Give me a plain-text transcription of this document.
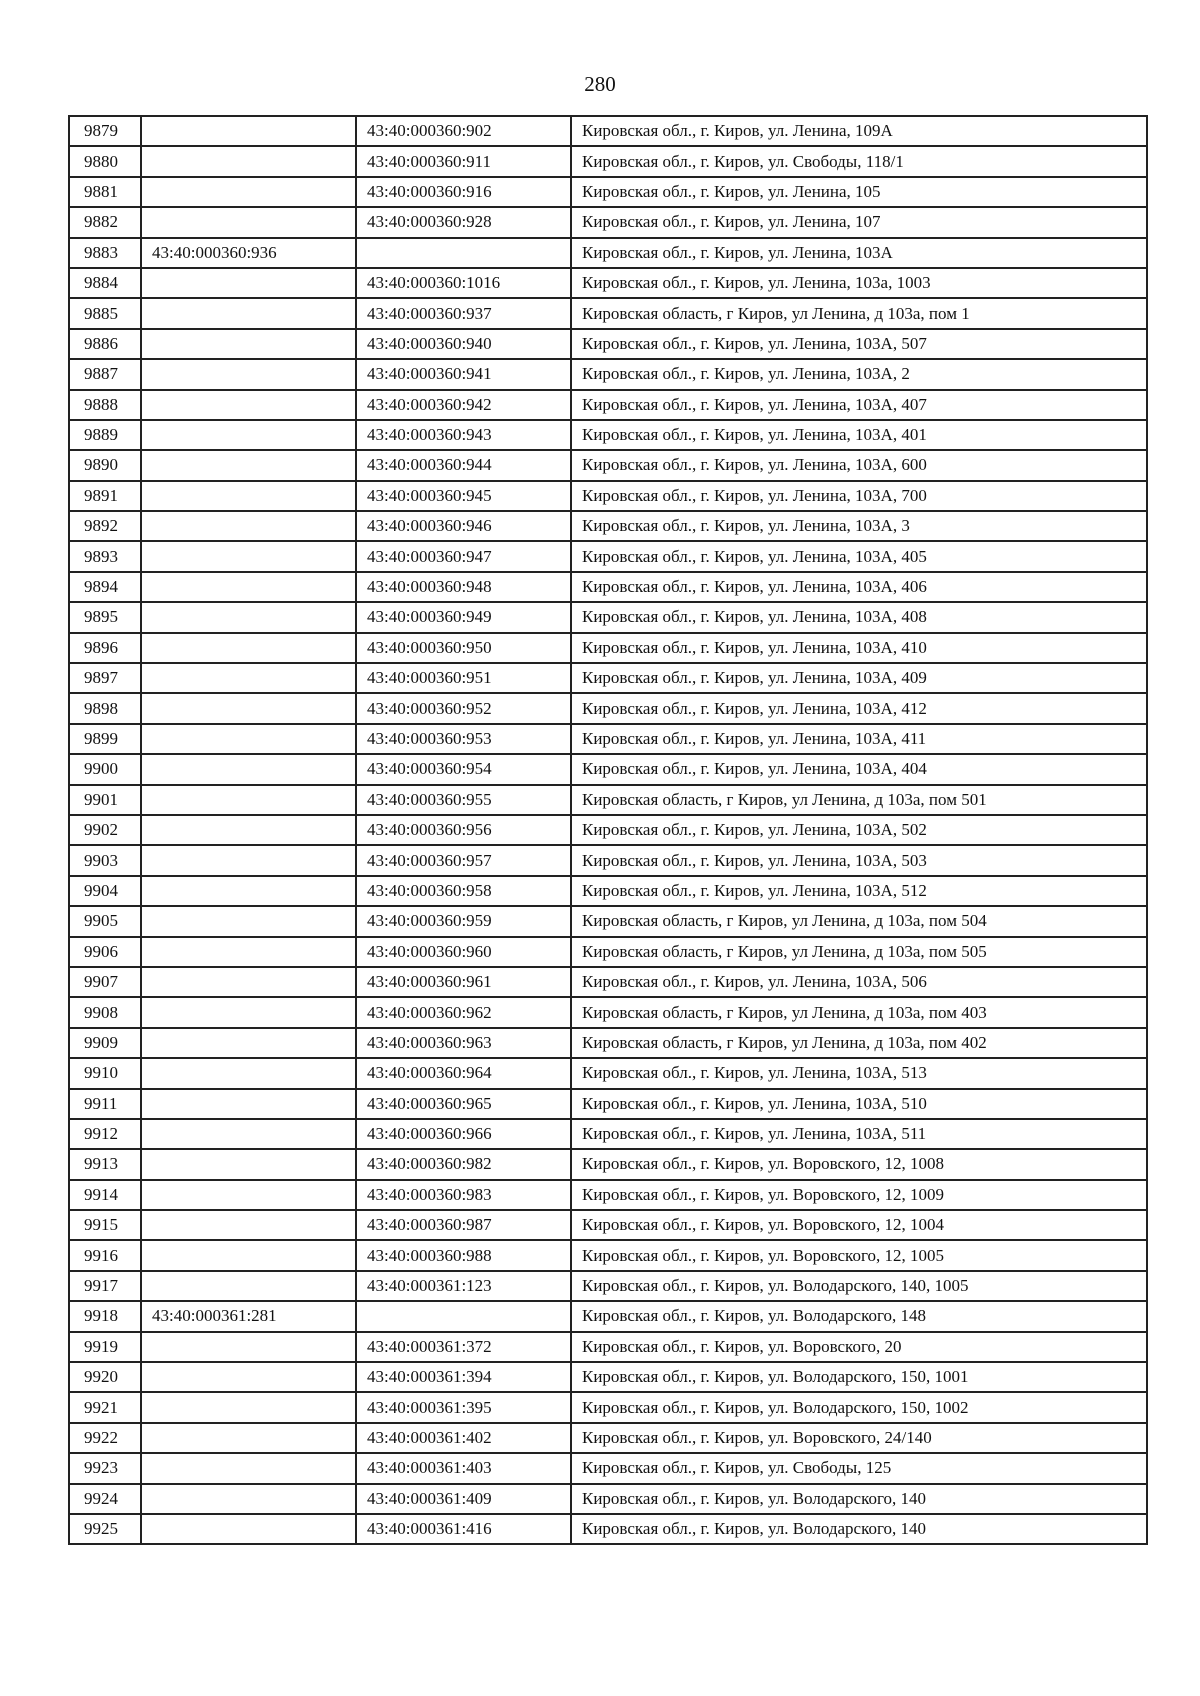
280
9879		43:40:000360:902	Кировская обл., г. Киров, ул. Ленина, 109А
9880		43:40:000360:911	Кировская обл., г. Киров, ул. Свободы, 118/1
9881		43:40:000360:916	Кировская обл., г. Киров, ул. Ленина, 105
9882		43:40:000360:928	Кировская обл., г. Киров, ул. Ленина, 107
9883	43:40:000360:936		Кировская обл., г. Киров, ул. Ленина, 103А
9884		43:40:000360:1016	Кировская обл., г. Киров, ул. Ленина, 103а, 1003
9885		43:40:000360:937	Кировская область, г Киров, ул Ленина, д 103а, пом 1
9886		43:40:000360:940	Кировская обл., г. Киров, ул. Ленина, 103А, 507
9887		43:40:000360:941	Кировская обл., г. Киров, ул. Ленина, 103А, 2
9888		43:40:000360:942	Кировская обл., г. Киров, ул. Ленина, 103А, 407
9889		43:40:000360:943	Кировская обл., г. Киров, ул. Ленина, 103А, 401
9890		43:40:000360:944	Кировская обл., г. Киров, ул. Ленина, 103А, 600
9891		43:40:000360:945	Кировская обл., г. Киров, ул. Ленина, 103А, 700
9892		43:40:000360:946	Кировская обл., г. Киров, ул. Ленина, 103А, 3
9893		43:40:000360:947	Кировская обл., г. Киров, ул. Ленина, 103А, 405
9894		43:40:000360:948	Кировская обл., г. Киров, ул. Ленина, 103А, 406
9895		43:40:000360:949	Кировская обл., г. Киров, ул. Ленина, 103А, 408
9896		43:40:000360:950	Кировская обл., г. Киров, ул. Ленина, 103А, 410
9897		43:40:000360:951	Кировская обл., г. Киров, ул. Ленина, 103А, 409
9898		43:40:000360:952	Кировская обл., г. Киров, ул. Ленина, 103А, 412
9899		43:40:000360:953	Кировская обл., г. Киров, ул. Ленина, 103А, 411
9900		43:40:000360:954	Кировская обл., г. Киров, ул. Ленина, 103А, 404
9901		43:40:000360:955	Кировская область, г Киров, ул Ленина, д 103а, пом 501
9902		43:40:000360:956	Кировская обл., г. Киров, ул. Ленина, 103А, 502
9903		43:40:000360:957	Кировская обл., г. Киров, ул. Ленина, 103А, 503
9904		43:40:000360:958	Кировская обл., г. Киров, ул. Ленина, 103А, 512
9905		43:40:000360:959	Кировская область, г Киров, ул Ленина, д 103а, пом 504
9906		43:40:000360:960	Кировская область, г Киров, ул Ленина, д 103а, пом 505
9907		43:40:000360:961	Кировская обл., г. Киров, ул. Ленина, 103А, 506
9908		43:40:000360:962	Кировская область, г Киров, ул Ленина, д 103а, пом 403
9909		43:40:000360:963	Кировская область, г Киров, ул Ленина, д 103а, пом 402
9910		43:40:000360:964	Кировская обл., г. Киров, ул. Ленина, 103А, 513
9911		43:40:000360:965	Кировская обл., г. Киров, ул. Ленина, 103А, 510
9912		43:40:000360:966	Кировская обл., г. Киров, ул. Ленина, 103А, 511
9913		43:40:000360:982	Кировская обл., г. Киров, ул. Воровского, 12, 1008
9914		43:40:000360:983	Кировская обл., г. Киров, ул. Воровского, 12, 1009
9915		43:40:000360:987	Кировская обл., г. Киров, ул. Воровского, 12, 1004
9916		43:40:000360:988	Кировская обл., г. Киров, ул. Воровского, 12, 1005
9917		43:40:000361:123	Кировская обл., г. Киров, ул. Володарского, 140, 1005
9918	43:40:000361:281		Кировская обл., г. Киров, ул. Володарского, 148
9919		43:40:000361:372	Кировская обл., г. Киров, ул. Воровского, 20
9920		43:40:000361:394	Кировская обл., г. Киров, ул. Володарского, 150, 1001
9921		43:40:000361:395	Кировская обл., г. Киров, ул. Володарского, 150, 1002
9922		43:40:000361:402	Кировская обл., г. Киров, ул. Воровского, 24/140
9923		43:40:000361:403	Кировская обл., г. Киров, ул. Свободы, 125
9924		43:40:000361:409	Кировская обл., г. Киров, ул. Володарского, 140
9925		43:40:000361:416	Кировская обл., г. Киров, ул. Володарского, 140
